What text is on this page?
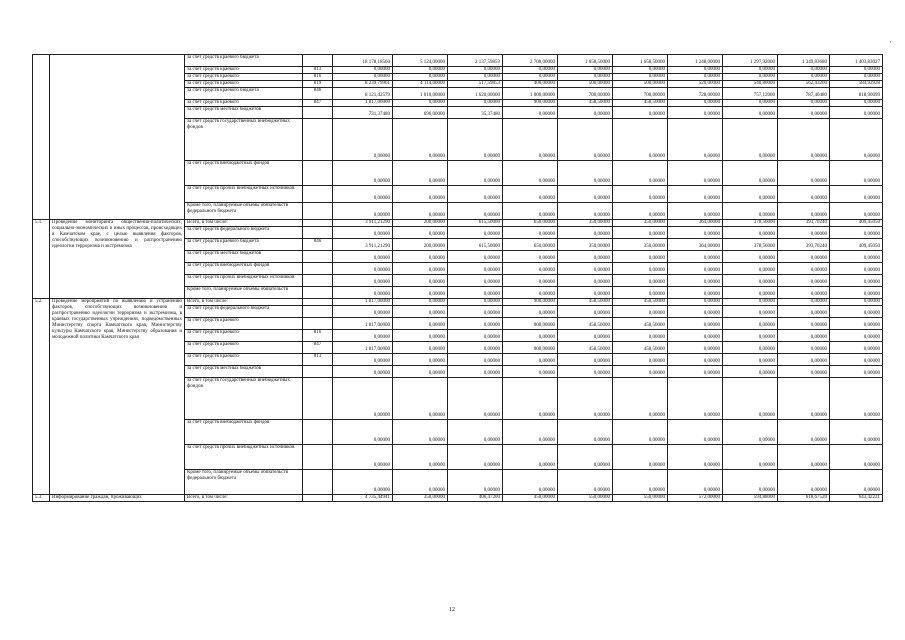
'
		за счет средств краевого бюджета		18 178,18560	5 124,00000	2 137,59853	2 700,00000	1 658,50000	1 658,50000	1 248,00000	1 297,92000	1 349,83680	1 403,83027
		за счет средств краевого	813	0,00000	0,00000	0,00000	0,00000	0,00000	0,00000	0,00000	0,00000	0,00000	0,00000
		за счет средств краевого	816	0,00000	0,00000	0,00000	0,00000	0,00000	0,00000	0,00000	0,00000	0,00000	0,00000
		за счет средств краевого	819	8 239,79961	4 114,00000	517,59853	400,00000	500,00000	500,00000	520,00000	540,80000	562,43200	584,92928
		за счет средств краевого бюджета	846	8 121,42579	1 010,00000	1 620,00000	1 000,00000	700,00000	700,00000	728,00000	757,12000	787,40480	818,90099
		за счет средств краевого	847	1 817,00000	0,00000	0,00000	900,00000	458,50000	458,50000	0,00000	0,00000	0,00000	0,00000
		за счет средств местных бюджетов		731,37480	696,00000	35,37480	0,00000	0,00000	0,00000	0,00000	0,00000	0,00000	0,00000
		за счет средств государственных внебюджетных фондов		0,00000	0,00000	0,00000	0,00000	0,00000	0,00000	0,00000	0,00000	0,00000	0,00000
		за счет средств внебюджетных фондов		0,00000	0,00000	0,00000	0,00000	0,00000	0,00000	0,00000	0,00000	0,00000	0,00000
		за счет средств прочих внебюджетных источников		0,00000	0,00000	0,00000	0,00000	0,00000	0,00000	0,00000	0,00000	0,00000	0,00000
		Кроме того, планируемые объемы обязательств федерального бюджета		0,00000	0,00000	0,00000	0,00000	0,00000	0,00000	0,00000	0,00000	0,00000	0,00000
5.1.	Проведение мониторинга общественно-политических, социально-экономических и иных процессов, происходящих в Камчатском крае, с целью выявления факторов, способствующих возникновению и распространению идеологии терроризма и экстремизма	Всего, в том числе:		3 911,21290	200,00000	615,50000	650,00000	350,00000	350,00000	364,00000	378,56000	393,70240	409,45050
		за счет средств федерального бюджета		0,00000	0,00000	0,00000	0,00000	0,00000	0,00000	0,00000	0,00000	0,00000	0,00000
		за счет средств краевого бюджета	846	3 911,21290	200,00000	615,50000	650,00000	350,00000	350,00000	364,00000	378,56000	393,70240	409,45050
		за счет средств местных бюджетов		0,00000	0,00000	0,00000	0,00000	0,00000	0,00000	0,00000	0,00000	0,00000	0,00000
		за счет средств внебюджетных фондов		0,00000	0,00000	0,00000	0,00000	0,00000	0,00000	0,00000	0,00000	0,00000	0,00000
		за счет средств прочих внебюджетных источников		0,00000	0,00000	0,00000	0,00000	0,00000	0,00000	0,00000	0,00000	0,00000	0,00000
		Кроме того, планируемые объемы обязательств		0,00000	0,00000	0,00000	0,00000	0,00000	0,00000	0,00000	0,00000	0,00000	0,00000
5.2.	Проведение мероприятий по выявлению и устранению факторов, способствующих возникновению и распространению идеологии терроризма и экстремизма, в краевых государственных учреждениях, подведомственных Министерству спорта Камчатского края, Министерству культуры Камчатского края, Министерству образования и молодежной политики Камчатского края	Всего, в том числе:		1 817,00000	0,00000	0,00000	900,00000	458,50000	458,50000	0,00000	0,00000	0,00000	0,00000
		за счет средств федерального бюджета		0,00000	0,00000	0,00000	0,00000	0,00000	0,00000	0,00000	0,00000	0,00000	0,00000
		за счет средств краевого		1 817,00000	0,00000	0,00000	900,00000	458,50000	458,50000	0,00000	0,00000	0,00000	0,00000
		за счет средств краевого	816	0,00000	0,00000	0,00000	0,00000	0,00000	0,00000	0,00000	0,00000	0,00000	0,00000
		за счет средств краевого	847	1 817,00000	0,00000	0,00000	900,00000	458,50000	458,50000	0,00000	0,00000	0,00000	0,00000
		за счет средств краевого	813	0,00000	0,00000	0,00000	0,00000	0,00000	0,00000	0,00000	0,00000	0,00000	0,00000
		за счет средств местных бюджетов		0,00000	0,00000	0,00000	0,00000	0,00000	0,00000	0,00000	0,00000	0,00000	0,00000
		за счет средств государственных внебюджетных фондов		0,00000	0,00000	0,00000	0,00000	0,00000	0,00000	0,00000	0,00000	0,00000	0,00000
		за счет средств внебюджетных фондов		0,00000	0,00000	0,00000	0,00000	0,00000	0,00000	0,00000	0,00000	0,00000	0,00000
		за счет средств прочих внебюджетных источников		0,00000	0,00000	0,00000	0,00000	0,00000	0,00000	0,00000	0,00000	0,00000	0,00000
		Кроме того, планируемые объемы обязательств федерального бюджета		0,00000	0,00000	0,00000	0,00000	0,00000	0,00000	0,00000	0,00000	0,00000	0,00000
5.3.	Информирование граждан, проживающих	Всего, в том числе:		4 735,44941	350,00000	406,47200	450,00000	550,00000	550,00000	572,00000	594,88000	618,67520	643,42221
12
